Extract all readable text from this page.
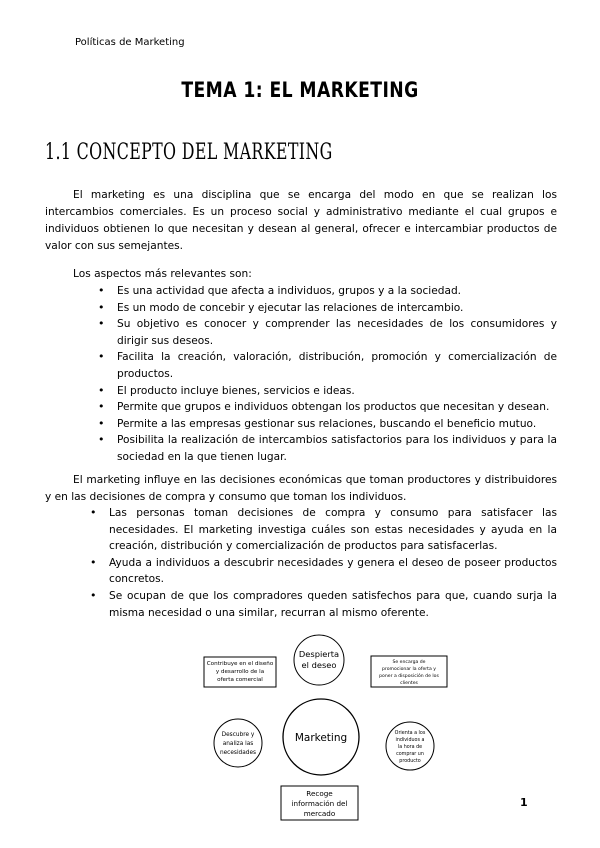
Políticas de Marketing
TEMA 1: EL MARKETING
1.1 CONCEPTO DEL MARKETING

El marketing es una disciplina que se encarga del modo en que se realizan los intercambios comerciales. Es un proceso social y administrativo mediante el cual grupos e individuos obtienen lo que necesitan y desean al general, ofrecer e intercambiar productos de valor con sus semejantes.

Los aspectos más relevantes son:

• Es una actividad que afecta a individuos, grupos y a la sociedad.
• Es un modo de concebir y ejecutar las relaciones de intercambio.
• Su objetivo es conocer y comprender las necesidades de los consumidores y dirigir sus deseos.
• Facilita la creación, valoración, distribución, promoción y comercialización de productos.
• El producto incluye bienes, servicios e ideas.
• Permite que grupos e individuos obtengan los productos que necesitan y desean.
• Permite a las empresas gestionar sus relaciones, buscando el beneficio mutuo.
• Posibilita la realización de intercambios satisfactorios para los individuos y para la sociedad en la que tienen lugar.

El marketing influye en las decisiones económicas que toman productores y distribuidores y en las decisiones de compra y consumo que toman los individuos.

• Las personas toman decisiones de compra y consumo para satisfacer las necesidades. El marketing investiga cuáles son estas necesidades y ayuda en la creación, distribución y comercialización de productos para satisfacerlas.
• Ayuda a individuos a descubrir necesidades y genera el deseo de poseer productos concretos.
• Se ocupan de que los compradores queden satisfechos para que, cuando surja la misma necesidad o una similar, recurran al mismo oferente.
Marketing
Despierta
el deseo
Contribuye en el diseño
y desarrollo de la
oferta comercial
Se encarga de
promocionar la oferta y
poner a disposición de los
clientes
Descubre y
analiza las
necesidades
Orienta a los
individuos a
la hora de
comprar un
producto
Recoge
información del
mercado
1
